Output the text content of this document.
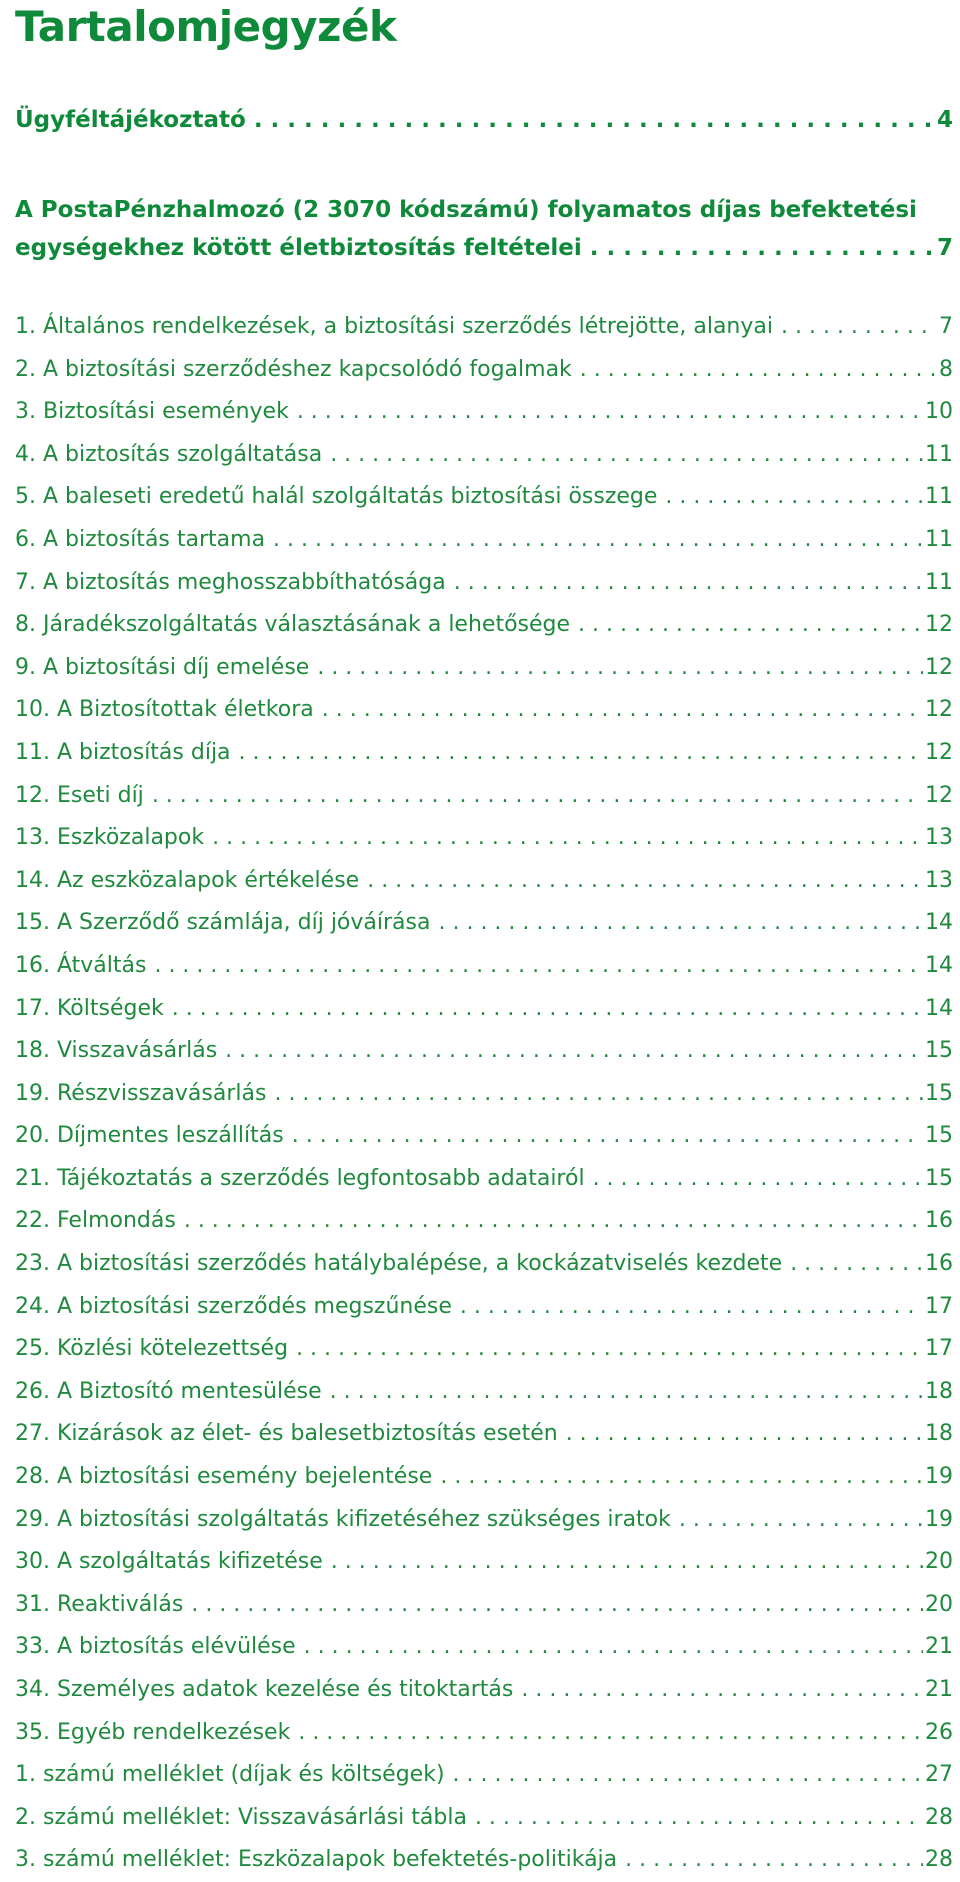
Tartalomjegyzék
Ügyféltájékoztató . . .	4
A PostaPénzhalmozó (2 3070 kódszámú) folyamatos díjas befektetési
egységekhez kötött életbiztosítás feltételei . . .	7
1. Általános rendelkezések, a biztosítási szerződés létrejötte, alanyai . . .	7
2. A biztosítási szerződéshez kapcsolódó fogalmak . . .	8
3. Biztosítási események . . .	10
4. A biztosítás szolgáltatása . . .	11
5. A baleseti eredetű halál szolgáltatás biztosítási összege . . .	11
6. A biztosítás tartama . . .	11
7. A biztosítás meghosszabbíthatósága . . .	11
8. Járadékszolgáltatás választásának a lehetősége . . .	12
9. A biztosítási díj emelése . . .	12
10. A Biztosítottak életkora . . .	12
11. A biztosítás díja . . .	12
12. Eseti díj . . .	12
13. Eszközalapok . . .	13
14. Az eszközalapok értékelése . . .	13
15. A Szerződő számlája, díj jóváírása . . .	14
16. Átváltás . . .	14
17. Költségek . . .	14
18. Visszavásárlás . . .	15
19. Részvisszavásárlás . . .	15
20. Díjmentes leszállítás . . .	15
21. Tájékoztatás a szerződés legfontosabb adatairól . . .	15
22. Felmondás . . .	16
23. A biztosítási szerződés hatálybalépése, a kockázatviselés kezdete . . .	16
24. A biztosítási szerződés megszűnése . . .	17
25. Közlési kötelezettség . . .	17
26. A Biztosító mentesülése . . .	18
27. Kizárások az élet- és balesetbiztosítás esetén . . .	18
28. A biztosítási esemény bejelentése . . .	19
29. A biztosítási szolgáltatás kifizetéséhez szükséges iratok . . .	19
30. A szolgáltatás kifizetése . . .	20
31. Reaktiválás . . .	20
33. A biztosítás elévülése . . .	21
34. Személyes adatok kezelése és titoktartás . . .	21
35. Egyéb rendelkezések . . .	26
1. számú melléklet (díjak és költségek) . . .	27
2. számú melléklet: Visszavásárlási tábla . . .	28
3. számú melléklet: Eszközalapok befektetés-politikája . . .	28
